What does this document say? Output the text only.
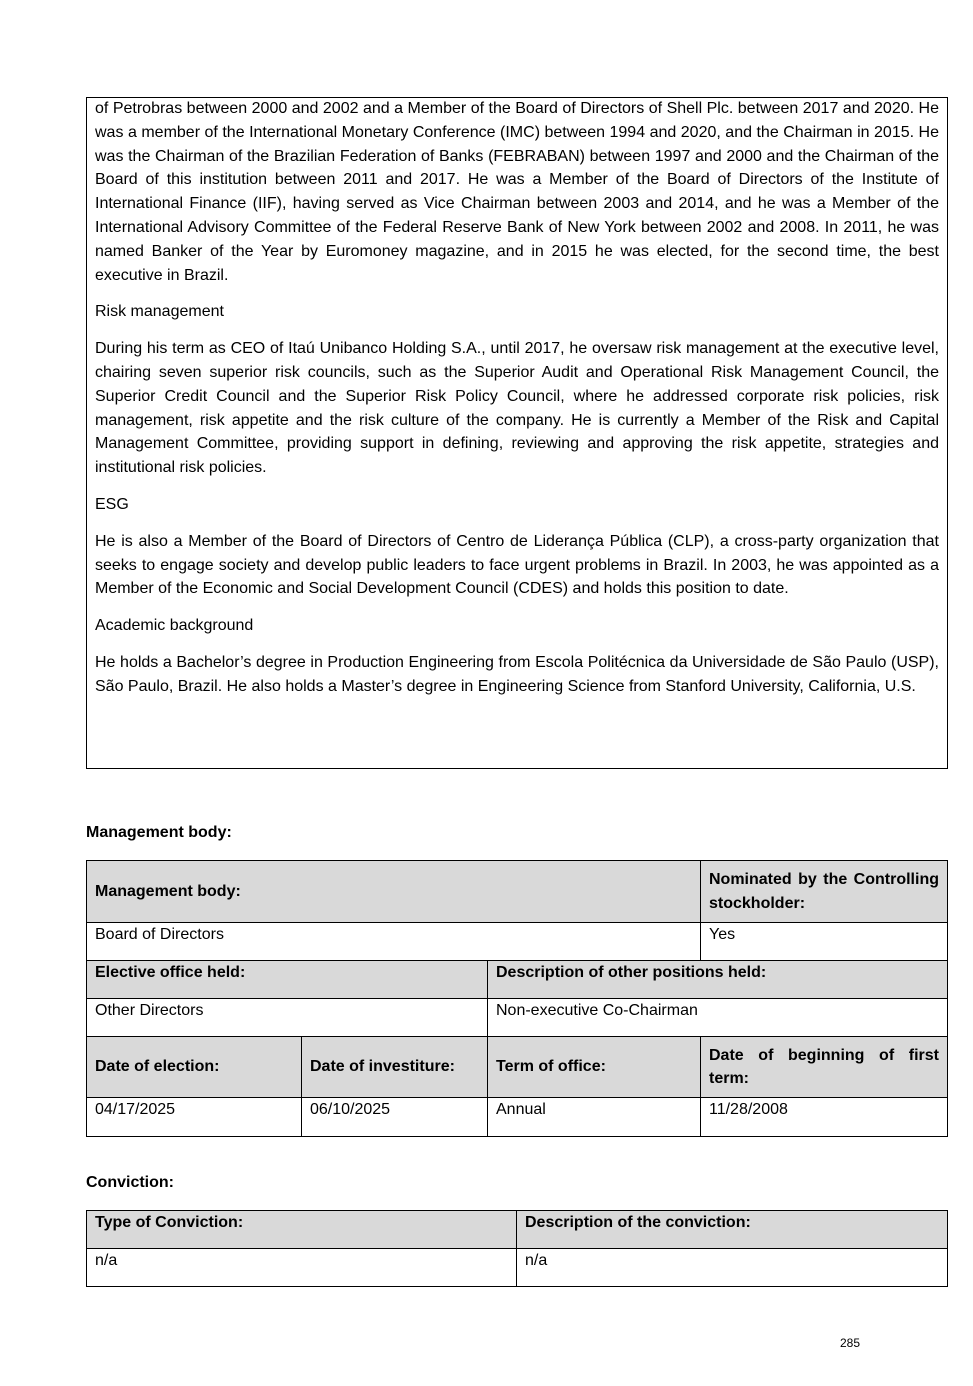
of Petrobras between 2000 and 2002 and a Member of the Board of Directors of Shell Plc. between 2017 and 2020. He was a member of the International Monetary Conference (IMC) between 1994 and 2020, and the Chairman in 2015. He was the Chairman of the Brazilian Federation of Banks (FEBRABAN) between 1997 and 2000 and the Chairman of the Board of this institution between 2011 and 2017. He was a Member of the Board of Directors of the Institute of International Finance (IIF), having served as Vice Chairman between 2003 and 2014, and he was a Member of the International Advisory Committee of the Federal Reserve Bank of New York between 2002 and 2008. In 2011, he was named Banker of the Year by Euromoney magazine, and in 2015 he was elected, for the second time, the best executive in Brazil.

Risk management

During his term as CEO of Itaú Unibanco Holding S.A., until 2017, he oversaw risk management at the executive level, chairing seven superior risk councils, such as the Superior Audit and Operational Risk Management Council, the Superior Credit Council and the Superior Risk Policy Council, where he addressed corporate risk policies, risk management, risk appetite and the risk culture of the company. He is currently a Member of the Risk and Capital Management Committee, providing support in defining, reviewing and approving the risk appetite, strategies and institutional risk policies.

ESG

He is also a Member of the Board of Directors of Centro de Liderança Pública (CLP), a cross-party organization that seeks to engage society and develop public leaders to face urgent problems in Brazil. In 2003, he was appointed as a Member of the Economic and Social Development Council (CDES) and holds this position to date.

Academic background

He holds a Bachelor’s degree in Production Engineering from Escola Politécnica da Universidade de São Paulo (USP), São Paulo, Brazil. He also holds a Master’s degree in Engineering Science from Stanford University, California, U.S.

Management body:
Management body:			Nominated by the Controlling stockholder:
Board of Directors			Yes
Elective office held:		Description of other positions held:	
Other Directors		Non-executive Co-Chairman	
Date of election:	Date of investiture:	Term of office:	Date of beginning of first term:
04/17/2025	06/10/2025	Annual	11/28/2008
Conviction:
Type of Conviction:	Description of the conviction:
n/a	n/a
285
